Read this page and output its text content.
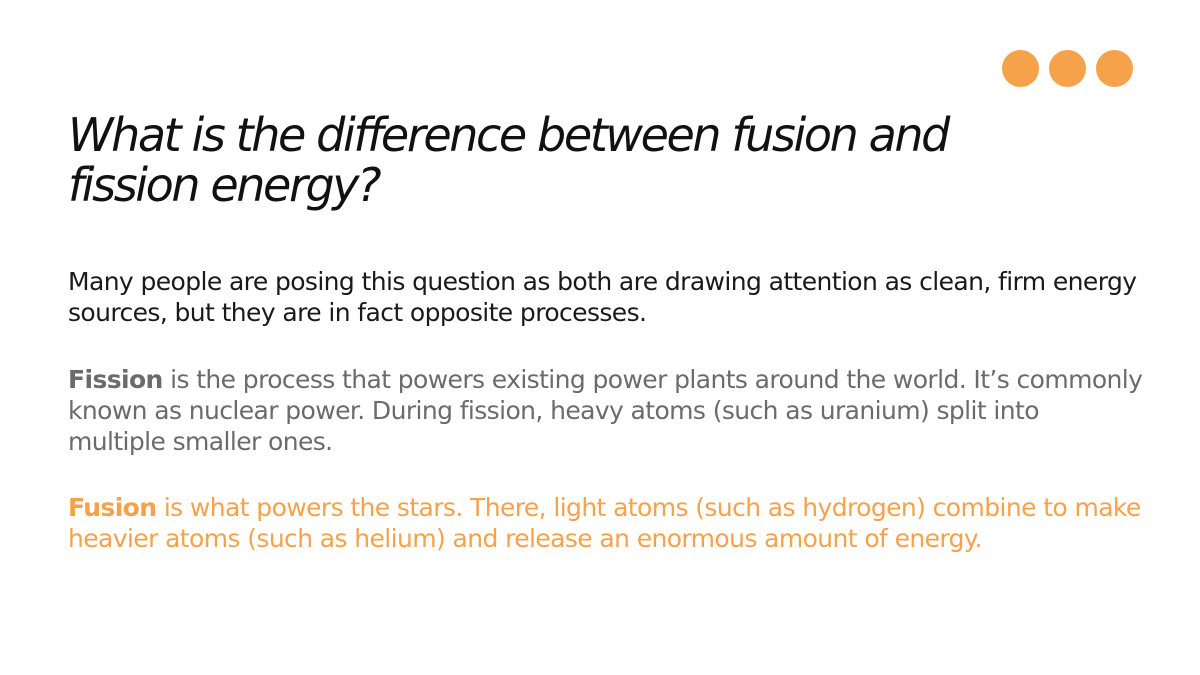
What is the difference between fusion and fission energy?

Many people are posing this question as both are drawing attention as clean, firm energy sources, but they are in fact opposite processes.

Fission is the process that powers existing power plants around the world. It’s commonly known as nuclear power. During fission, heavy atoms (such as uranium) split into multiple smaller ones.

Fusion is what powers the stars. There, light atoms (such as hydrogen) combine to make heavier atoms (such as helium) and release an enormous amount of energy.
